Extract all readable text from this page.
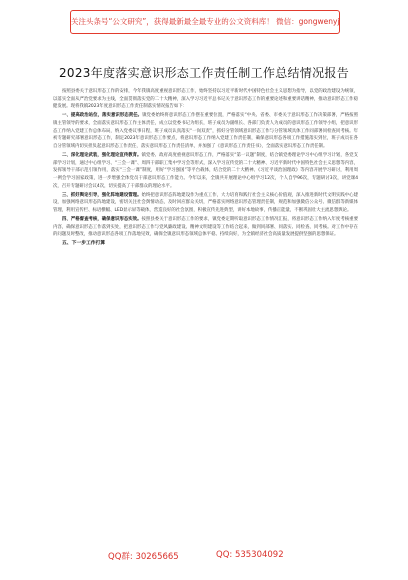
关注头条号“公文研究”，获得最新最全最专业的公文资料库！ 微信：gongwenyj
2023年度落实意识形态工作责任制工作总结情况报告

按照县委关于意识形态工作的安排，今年我镇高度重视意识形态工作，始终坚持以习近平新时代中国特色社会主义思想为指导，以党的政治建设为统领，以落实全面从严治党要求为主线，全面贯彻落实党的二十大精神，深入学习习近平总书记关于意识形态工作的重要论述和重要讲话精神，推动意识形态工作稳健发展。现将我镇2023年度意识形态工作责任制落实情况报告如下：

一、提高政治站位，落实意识形态责任。镇党委始终将意识形态工作摆在重要位置，严格落实“中央、省委、市委关于意识形态工作决策部署，严格按照镇主管领导的要求，全面落实意识形态工作主体责任，成立以党委书记为组长，班子成员为副组长、各部门负责人为成员的意识形态工作领导小组，把意识形态工作纳入党建工作总体布局，纳入党委议事日程，班子成员认真落实“一岗双责”，抓好分管领域意识形态工作与分管领域具体工作同部署同检查同考核。年初专题研究部署意识形态工作，制定2023年意识形态工作要点，将意识形态工作纳入党建工作责任制，确保意识形态各项工作措施落实到位，班子成员在各自分管领域内切实担负起意识形态工作责任，落实意识形态工作责任清单，并加强了《意识形态工作责任书》，全面落实意识形态工作责任制。

二、深化理论武装，强化理论宣传教育。镇党委、政府高度重视意识形态工作，严格落实“第一议题”制度，结合镇党委理论学习中心组学习计划，各党支部学习计划，通过中心组学习、“三会一课”、周四干部职工集中学习会等形式，深入学习宣传党的二十大精神、习近平新时代中国特色社会主义思想等内容，发挥领导干部示范引领作用，落实“三会一课”制度，用好“学习强国”等平台载体，结合党的二十大精神、《习近平谈治国理政》等内容开展学习研讨，利用周一例会学习国家政策，进一步增强全体党员干部意识形态工作能力。今年以来，全镇共开展理论中心组学习12次，个人自学96次，专题研讨3次，讲党课4次，召开专题研讨会议4次，切实提高了干部群众的理论水平。

三、抓好舆论引导，强化阵地建设管理。始终把意识形态阵地建设作为重点工作，大力培育和践行社会主义核心价值观，深入推进新时代文明实践中心建设，加强网络意识形态阵地建设，密切关注社会舆情动态，及时回应群众关切，严格落实网络意识形态管理责任制，规范和加强微信公众号、微信群等新媒体管理，利用宣传栏、标语横幅、LED显示屏等载体，营造良好的社会氛围，积极宣传先进典型，讲好本地故事，传播正能量，不断巩固壮大主流思想舆论。

四、严格督查考核，确保意识形态实效。按照县委关于意识形态工作的要求，镇党委定期听取意识形态工作情况汇报，将意识形态工作纳入年度考核重要内容，确保意识形态工作落到实处，把意识形态工作与党风廉政建设、精神文明建设等工作结合起来，做到同部署、同落实、同检查、同考核。对工作中存在的问题及时整改，推动意识形态各项工作落地见效，确保全镇意识形态领域总体平稳、持续向好，为全镇经济社会高质量发展提供坚强的思想保证。

五、下一步工作打算

QQ群: 30265665	QQ: 535304092
